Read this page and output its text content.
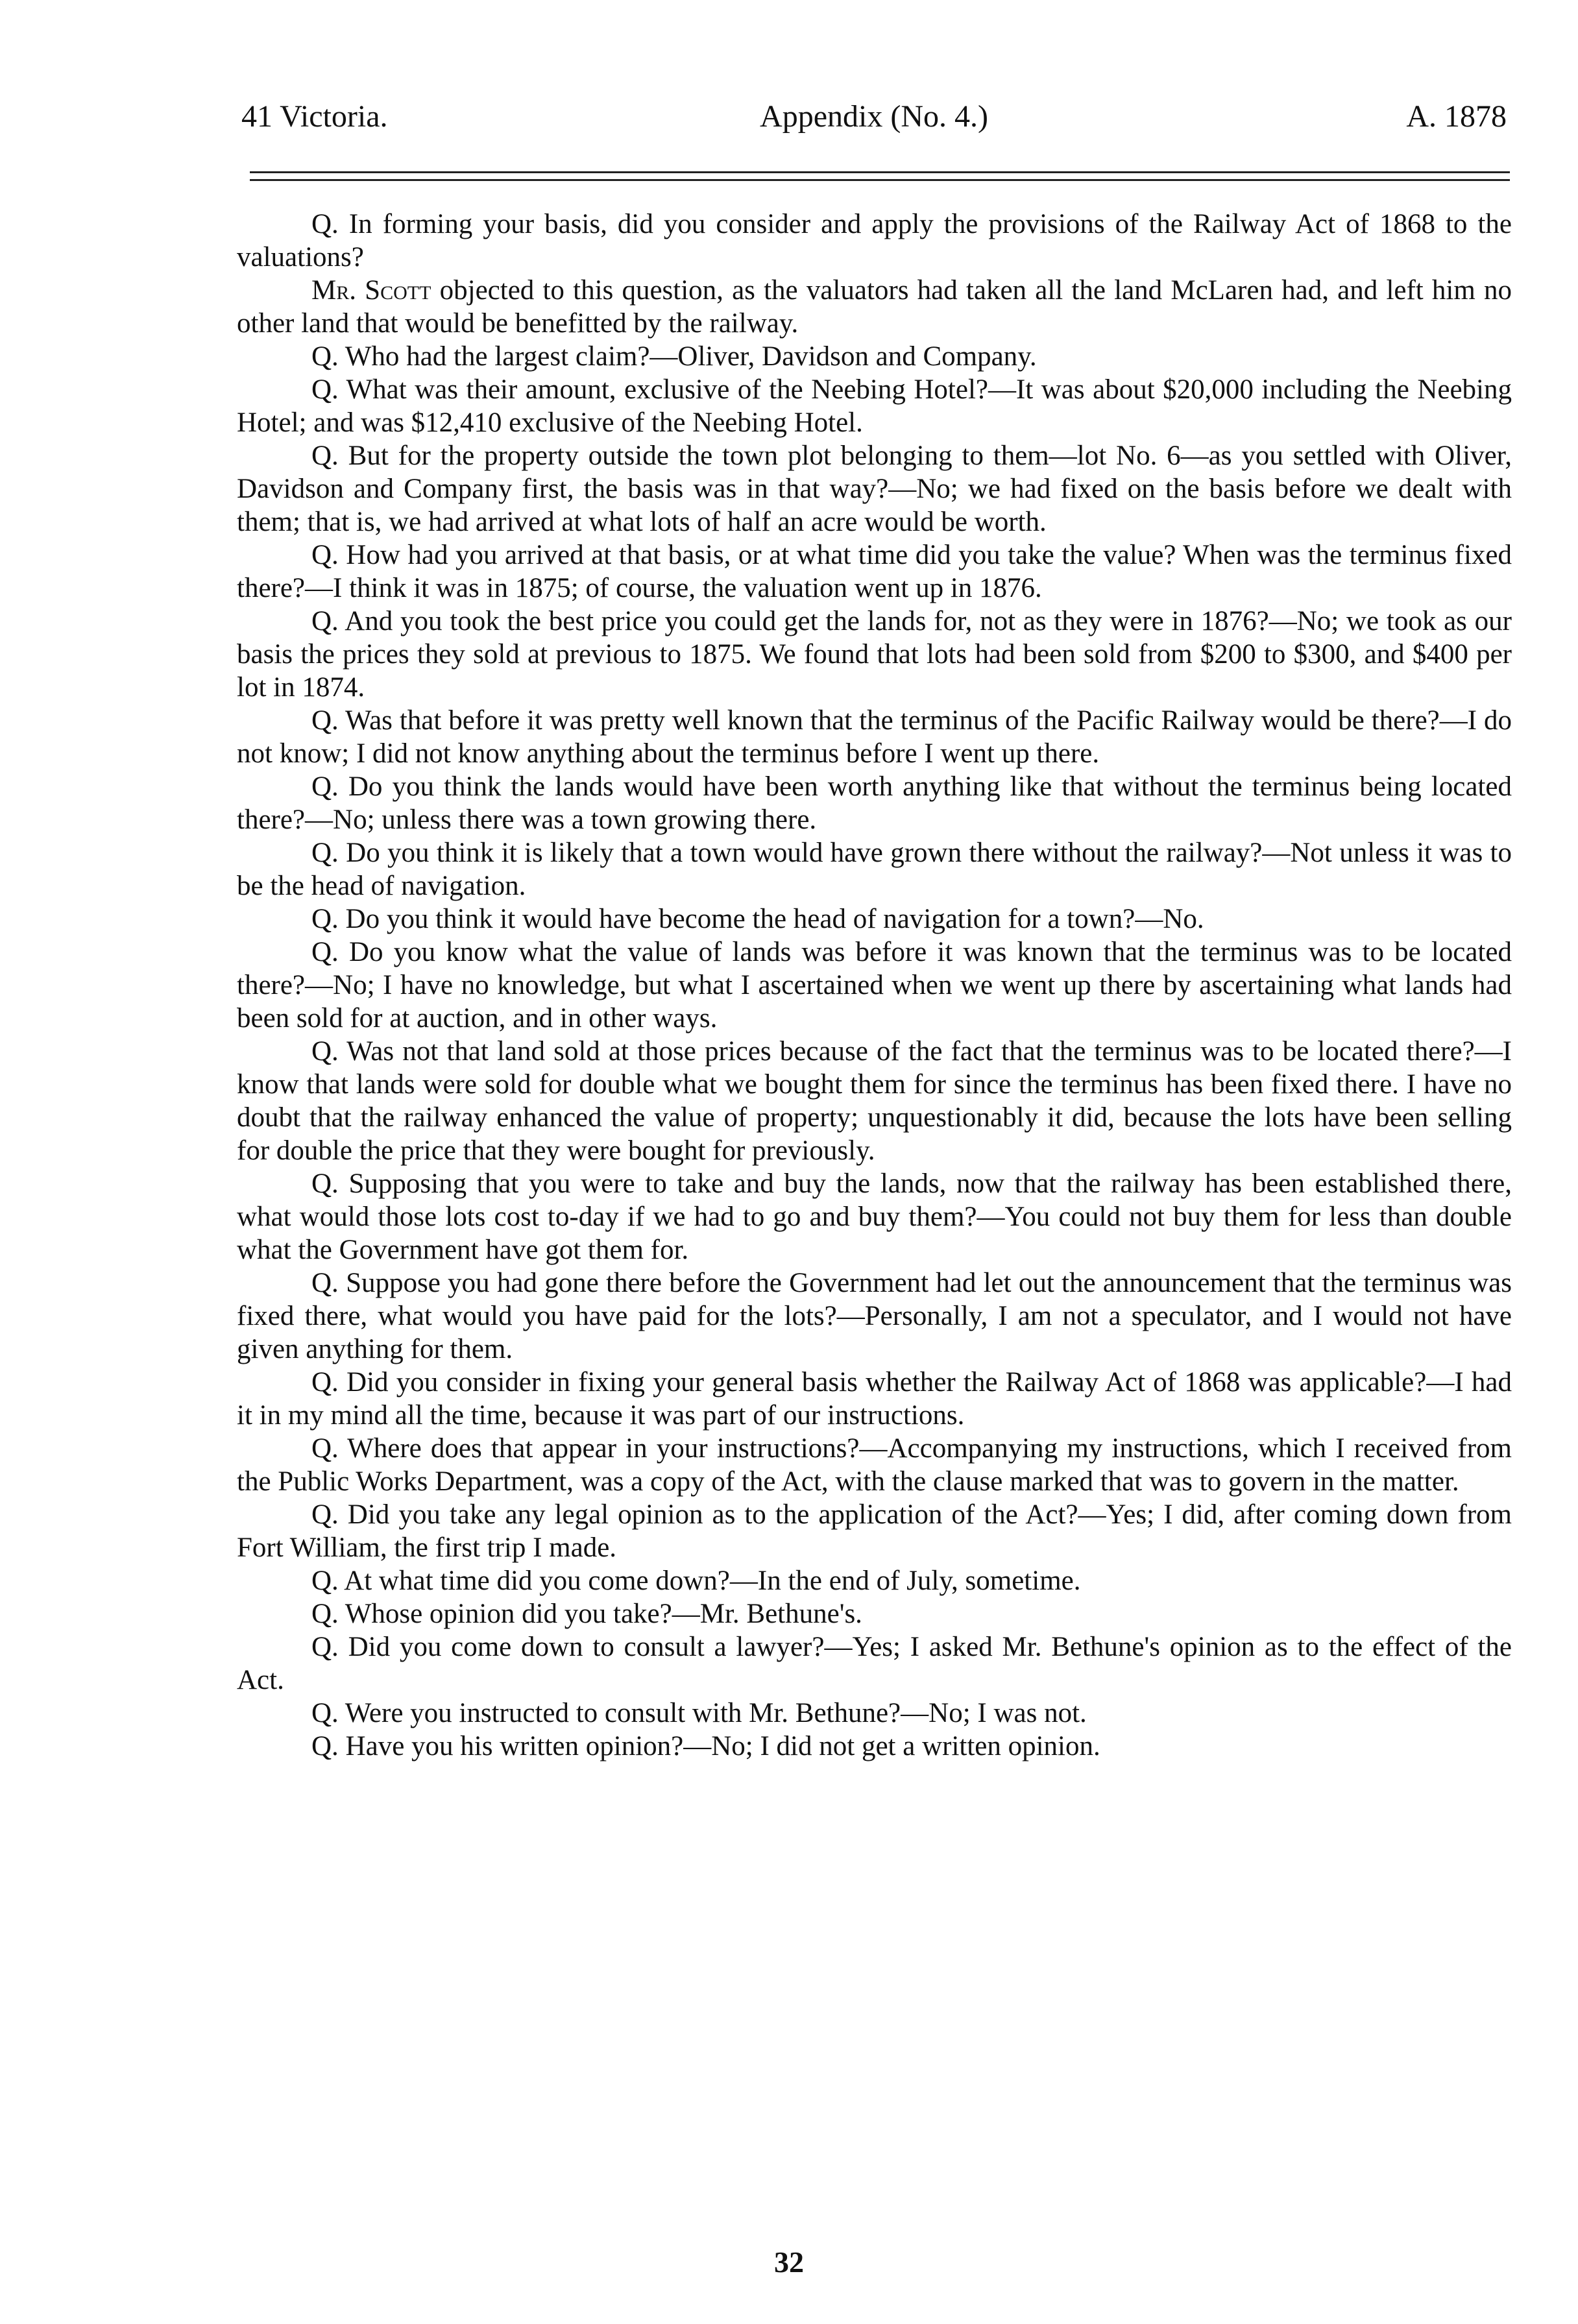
41 Victoria.	Appendix (No. 4.)	A. 1878

Q. In forming your basis, did you consider and apply the provisions of the Railway Act of 1868 to the valuations?

Mr. Scott objected to this question, as the valuators had taken all the land McLaren had, and left him no other land that would be benefitted by the railway.

Q. Who had the largest claim?—Oliver, Davidson and Company.

Q. What was their amount, exclusive of the Neebing Hotel?—It was about $20,000 including the Neebing Hotel; and was $12,410 exclusive of the Neebing Hotel.

Q. But for the property outside the town plot belonging to them—lot No. 6—as you settled with Oliver, Davidson and Company first, the basis was in that way?—No; we had fixed on the basis before we dealt with them; that is, we had arrived at what lots of half an acre would be worth.

Q. How had you arrived at that basis, or at what time did you take the value? When was the terminus fixed there?—I think it was in 1875; of course, the valuation went up in 1876.

Q. And you took the best price you could get the lands for, not as they were in 1876?—No; we took as our basis the prices they sold at previous to 1875. We found that lots had been sold from $200 to $300, and $400 per lot in 1874.

Q. Was that before it was pretty well known that the terminus of the Pacific Railway would be there?—I do not know; I did not know anything about the terminus before I went up there.

Q. Do you think the lands would have been worth anything like that without the terminus being located there?—No; unless there was a town growing there.

Q. Do you think it is likely that a town would have grown there without the railway?—Not unless it was to be the head of navigation.

Q. Do you think it would have become the head of navigation for a town?—No.

Q. Do you know what the value of lands was before it was known that the terminus was to be located there?—No; I have no knowledge, but what I ascertained when we went up there by ascertaining what lands had been sold for at auction, and in other ways.

Q. Was not that land sold at those prices because of the fact that the terminus was to be located there?—I know that lands were sold for double what we bought them for since the terminus has been fixed there. I have no doubt that the railway enhanced the value of property; unquestionably it did, because the lots have been selling for double the price that they were bought for previously.

Q. Supposing that you were to take and buy the lands, now that the railway has been established there, what would those lots cost to-day if we had to go and buy them?—You could not buy them for less than double what the Government have got them for.

Q. Suppose you had gone there before the Government had let out the announcement that the terminus was fixed there, what would you have paid for the lots?—Personally, I am not a speculator, and I would not have given anything for them.

Q. Did you consider in fixing your general basis whether the Railway Act of 1868 was applicable?—I had it in my mind all the time, because it was part of our instructions.

Q. Where does that appear in your instructions?—Accompanying my instructions, which I received from the Public Works Department, was a copy of the Act, with the clause marked that was to govern in the matter.

Q. Did you take any legal opinion as to the application of the Act?—Yes; I did, after coming down from Fort William, the first trip I made.

Q. At what time did you come down?—In the end of July, sometime.

Q. Whose opinion did you take?—Mr. Bethune's.

Q. Did you come down to consult a lawyer?—Yes; I asked Mr. Bethune's opinion as to the effect of the Act.

Q. Were you instructed to consult with Mr. Bethune?—No; I was not.

Q. Have you his written opinion?—No; I did not get a written opinion.

32
